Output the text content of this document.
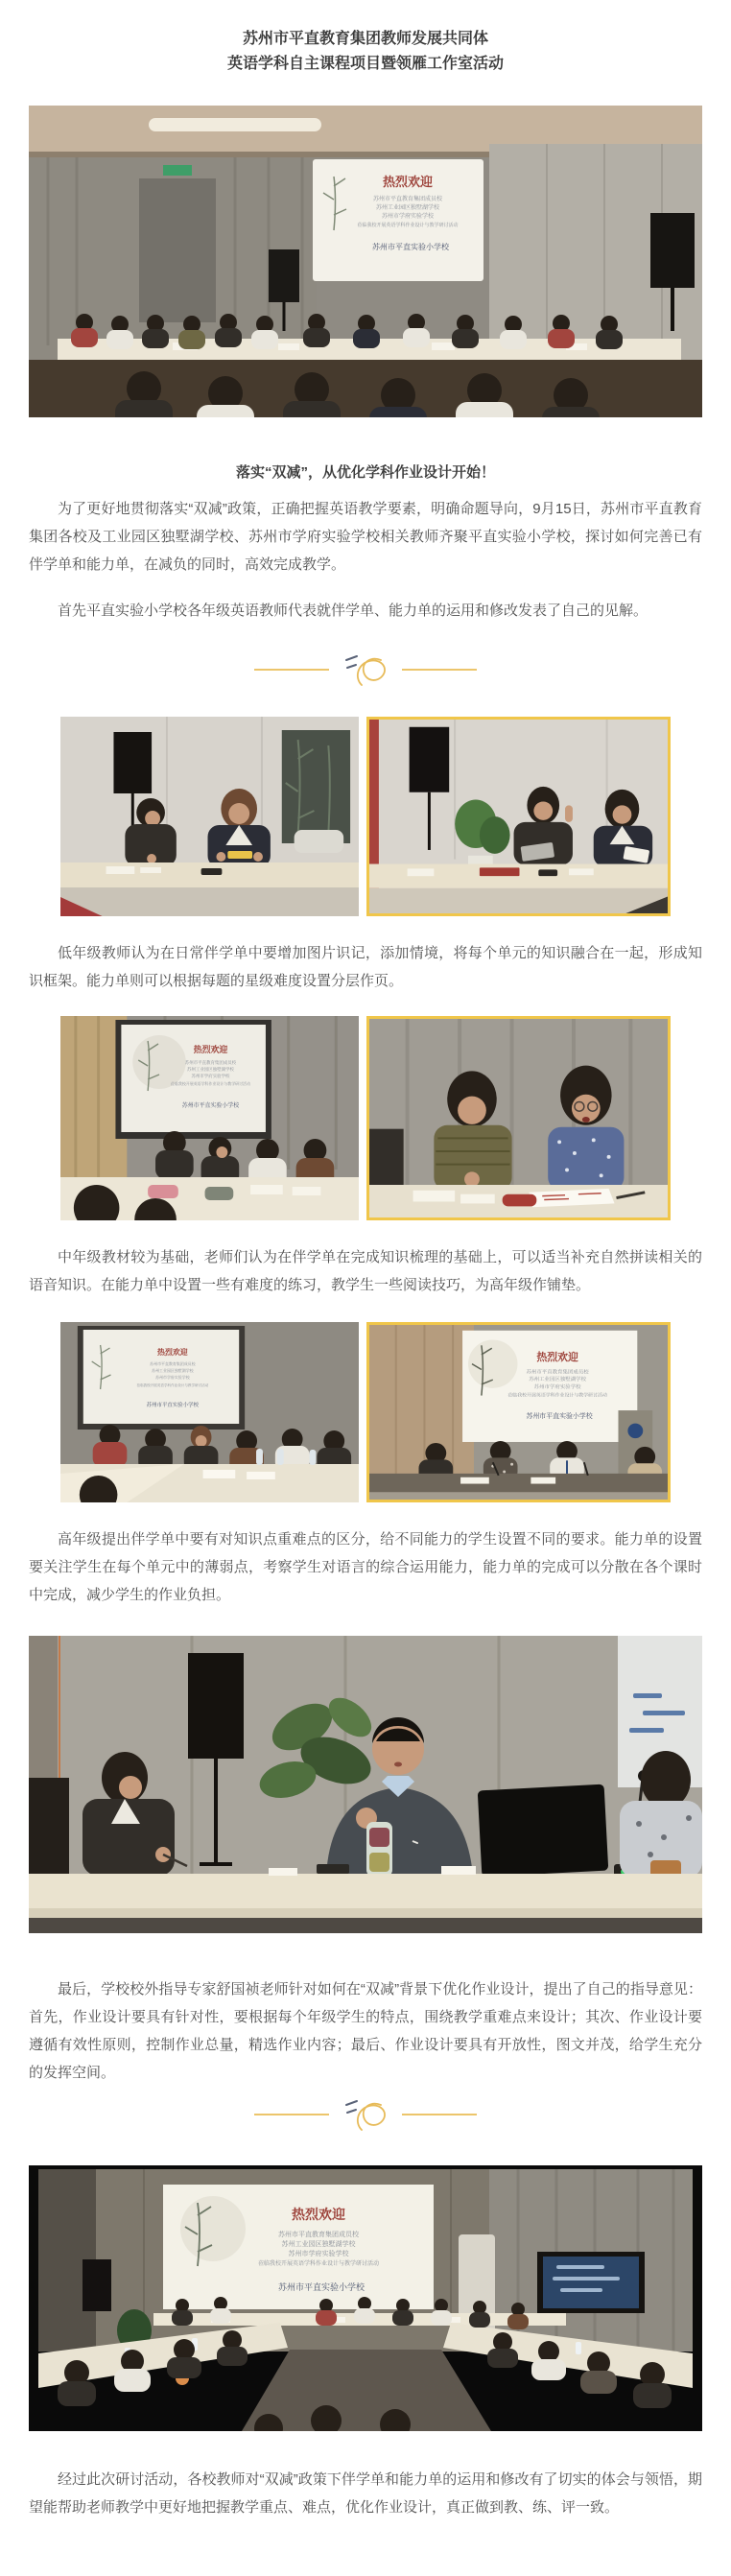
苏州市平直教育集团教师发展共同体
英语学科自主课程项目暨领雁工作室活动
热烈欢迎
苏州市平直教育集团成员校
苏州工业园区独墅湖学校
苏州市学府实验学校
莅临我校开展英语学科作业设计与教学研讨活动
苏州市平直实验小学校
落实“双减”，从优化学科作业设计开始！

为了更好地贯彻落实“双减”政策，正确把握英语教学要素，明确命题导向，9月15日，苏州市平直教育集团各校及工业园区独墅湖学校、苏州市学府实验学校相关教师齐聚平直实验小学校，探讨如何完善已有伴学单和能力单，在减负的同时，高效完成教学。

首先平直实验小学校各年级英语教师代表就伴学单、能力单的运用和修改发表了自己的见解。

低年级教师认为在日常伴学单中要增加图片识记，添加情境，将每个单元的知识融合在一起，形成知识框架。能力单则可以根据每题的星级难度设置分层作页。

热烈欢迎
苏州市平直教育集团成员校
苏州工业园区独墅湖学校
苏州市学府实验学校
莅临我校开展英语学科作业设计与教学研讨活动
苏州市平直实验小学校

中年级教材较为基础，老师们认为在伴学单在完成知识梳理的基础上，可以适当补充自然拼读相关的语音知识。在能力单中设置一些有难度的练习，教学生一些阅读技巧，为高年级作铺垫。

热烈欢迎
苏州市平直教育集团成员校
苏州工业园区独墅湖学校
苏州市学府实验学校
莅临我校开展英语学科作业设计与教学研讨活动
苏州市平直实验小学校
热烈欢迎
苏州市平直教育集团成员校
苏州工业园区独墅湖学校
苏州市学府实验学校
莅临我校开展英语学科作业设计与教学研讨活动
苏州市平直实验小学校

高年级提出伴学单中要有对知识点重难点的区分，给不同能力的学生设置不同的要求。能力单的设置要关注学生在每个单元中的薄弱点，考察学生对语言的综合运用能力，能力单的完成可以分散在各个课时中完成，减少学生的作业负担。

最后，学校校外指导专家舒国祯老师针对如何在“双减”背景下优化作业设计，提出了自己的指导意见：首先，作业设计要具有针对性，要根据每个年级学生的特点，围绕教学重难点来设计；其次、作业设计要遵循有效性原则，控制作业总量，精选作业内容；最后、作业设计要具有开放性，图文并茂，给学生充分的发挥空间。

热烈欢迎
苏州市平直教育集团成员校
苏州工业园区独墅湖学校
苏州市学府实验学校
莅临我校开展英语学科作业设计与教学研讨活动
苏州市平直实验小学校

经过此次研讨活动，各校教师对“双减”政策下伴学单和能力单的运用和修改有了切实的体会与领悟，期望能帮助老师教学中更好地把握教学重点、难点，优化作业设计，真正做到教、练、评一致。
